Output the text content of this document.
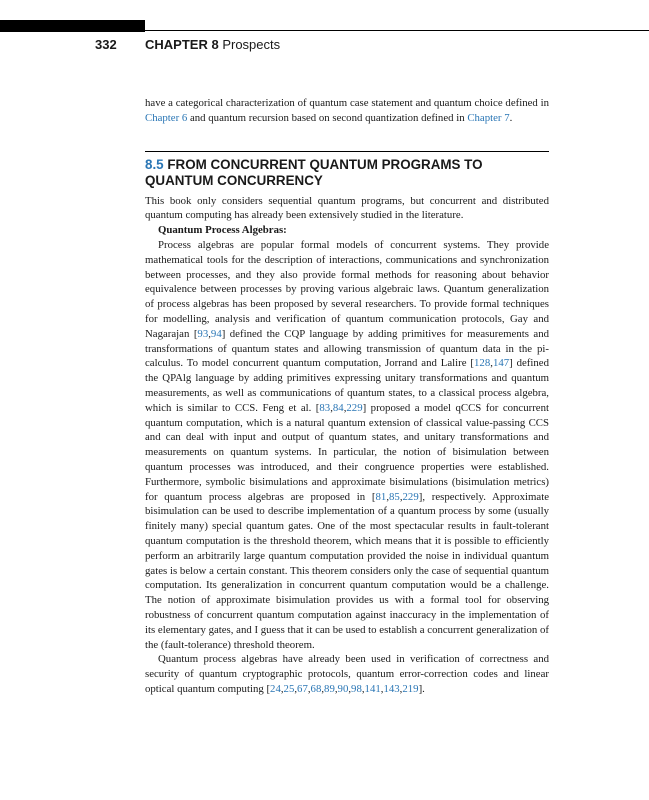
332 CHAPTER 8 Prospects

have a categorical characterization of quantum case statement and quantum choice defined in Chapter 6 and quantum recursion based on second quantization defined in Chapter 7.

8.5 FROM CONCURRENT QUANTUM PROGRAMS TO QUANTUM CONCURRENCY

This book only considers sequential quantum programs, but concurrent and distributed quantum computing has already been extensively studied in the literature.

Quantum Process Algebras:

Process algebras are popular formal models of concurrent systems. They provide mathematical tools for the description of interactions, communications and synchronization between processes, and they also provide formal methods for reasoning about behavior equivalence between processes by proving various algebraic laws. Quantum generalization of process algebras has been proposed by several researchers. To provide formal techniques for modelling, analysis and verification of quantum communication protocols, Gay and Nagarajan [93,94] defined the CQP language by adding primitives for measurements and transformations of quantum states and allowing transmission of quantum data in the pi-calculus. To model concurrent quantum computation, Jorrand and Lalire [128,147] defined the QPAlg language by adding primitives expressing unitary transformations and quantum measurements, as well as communications of quantum states, to a classical process algebra, which is similar to CCS. Feng et al. [83,84,229] proposed a model qCCS for concurrent quantum computation, which is a natural quantum extension of classical value-passing CCS and can deal with input and output of quantum states, and unitary transformations and measurements on quantum systems. In particular, the notion of bisimulation between quantum processes was introduced, and their congruence properties were established. Furthermore, symbolic bisimulations and approximate bisimulations (bisimulation metrics) for quantum process algebras are proposed in [81,85,229], respectively. Approximate bisimulation can be used to describe implementation of a quantum process by some (usually finitely many) special quantum gates. One of the most spectacular results in fault-tolerant quantum computation is the threshold theorem, which means that it is possible to efficiently perform an arbitrarily large quantum computation provided the noise in individual quantum gates is below a certain constant. This theorem considers only the case of sequential quantum computation. Its generalization in concurrent quantum computation would be a challenge. The notion of approximate bisimulation provides us with a formal tool for observing robustness of concurrent quantum computation against inaccuracy in the implementation of its elementary gates, and I guess that it can be used to establish a concurrent generalization of the (fault-tolerance) threshold theorem.

Quantum process algebras have already been used in verification of correctness and security of quantum cryptographic protocols, quantum error-correction codes and linear optical quantum computing [24,25,67,68,89,90,98,141,143,219].
